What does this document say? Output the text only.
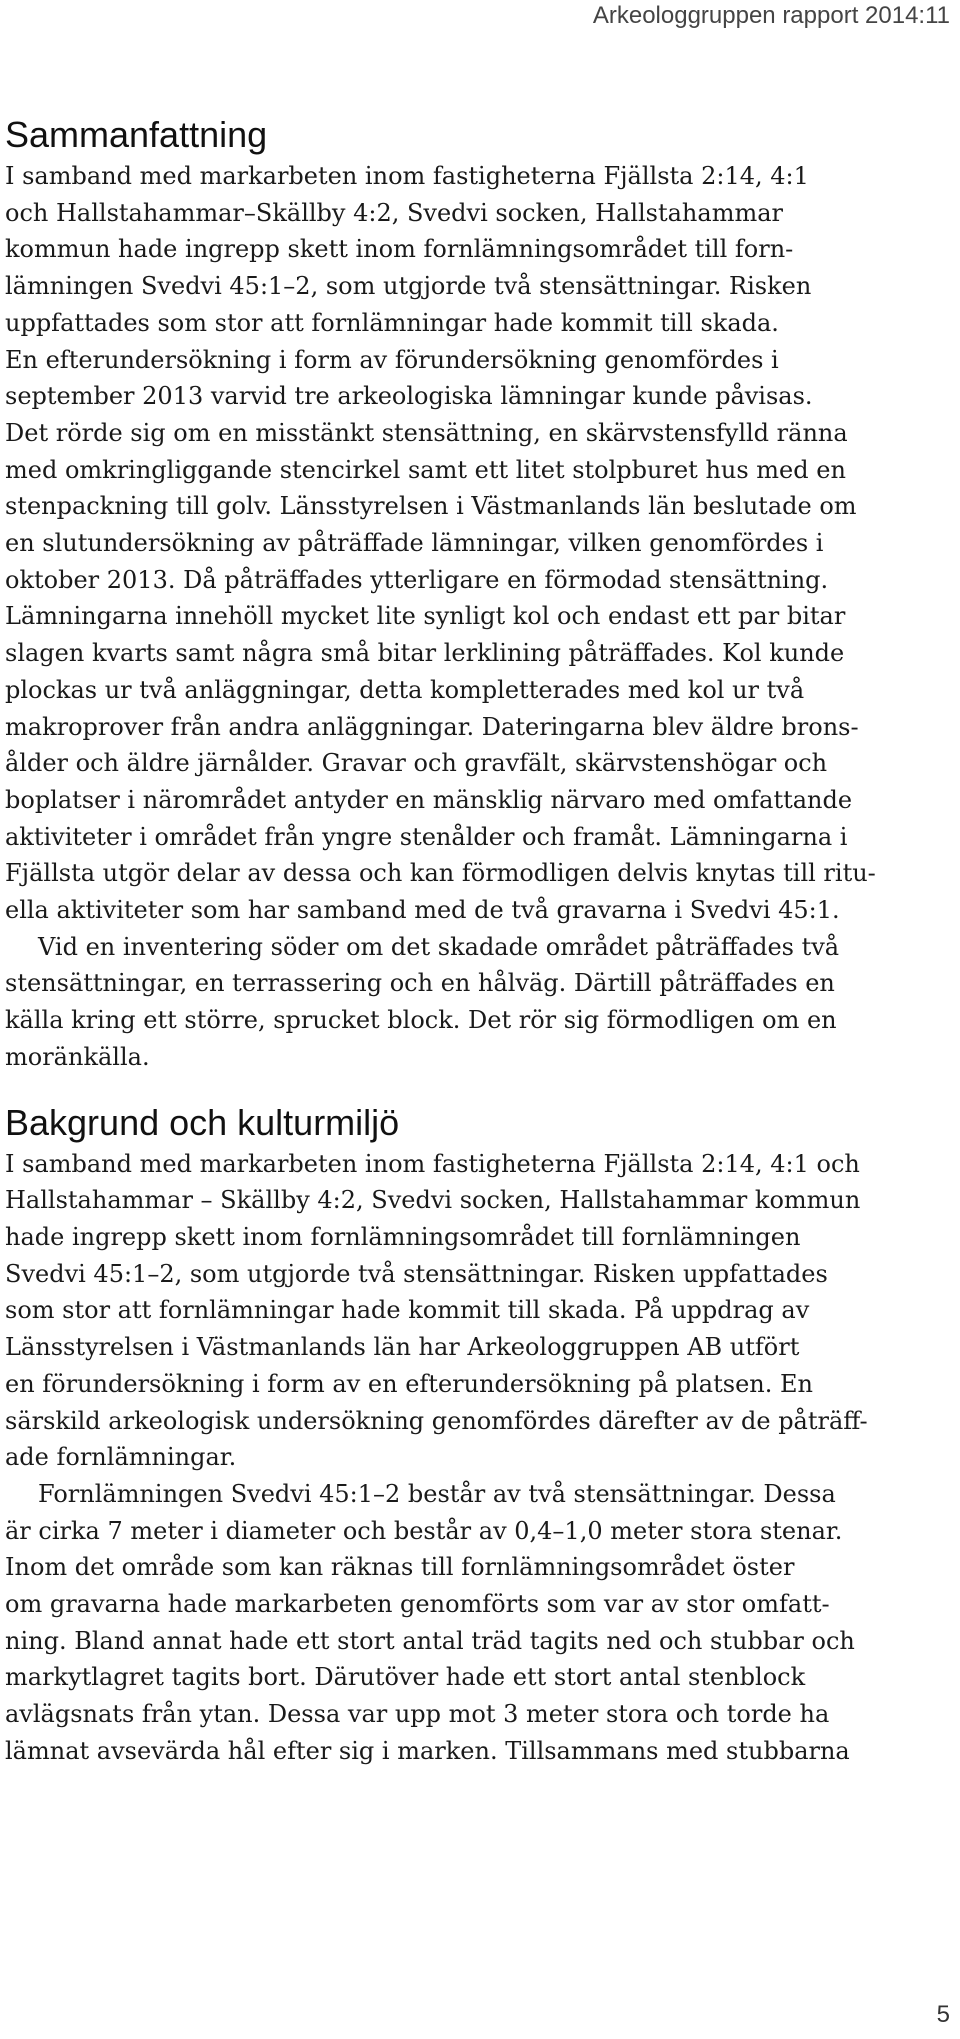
Arkeologgruppen rapport 2014:11
Sammanfattning
I samband med markarbeten inom fastigheterna Fjällsta 2:14, 4:1
och Hallstahammar–Skällby 4:2, Svedvi socken, Hallstahammar
kommun hade ingrepp skett inom fornlämningsområdet till forn-
lämningen Svedvi 45:1–2, som utgjorde två stensättningar. Risken
uppfattades som stor att fornlämningar hade kommit till skada.
En efterundersökning i form av förundersökning genomfördes i
september 2013 varvid tre arkeologiska lämningar kunde påvisas.
Det rörde sig om en misstänkt stensättning, en skärvstensfylld ränna
med omkringliggande stencirkel samt ett litet stolpburet hus med en
stenpackning till golv. Länsstyrelsen i Västmanlands län beslutade om
en slutundersökning av påträffade lämningar, vilken genomfördes i
oktober 2013. Då påträffades ytterligare en förmodad stensättning.
Lämningarna innehöll mycket lite synligt kol och endast ett par bitar
slagen kvarts samt några små bitar lerklining påträffades. Kol kunde
plockas ur två anläggningar, detta kompletterades med kol ur två
makroprover från andra anläggningar. Dateringarna blev äldre brons-
ålder och äldre järnålder. Gravar och gravfält, skärvstenshögar och
boplatser i närområdet antyder en mänsklig närvaro med omfattande
aktiviteter i området från yngre stenålder och framåt. Lämningarna i
Fjällsta utgör delar av dessa och kan förmodligen delvis knytas till ritu-
ella aktiviteter som har samband med de två gravarna i Svedvi 45:1.
Vid en inventering söder om det skadade området påträffades två
stensättningar, en terrassering och en hålväg. Därtill påträffades en
källa kring ett större, sprucket block. Det rör sig förmodligen om en
moränkälla.
Bakgrund och kulturmiljö
I samband med markarbeten inom fastigheterna Fjällsta 2:14, 4:1 och
Hallstahammar – Skällby 4:2, Svedvi socken, Hallstahammar kommun
hade ingrepp skett inom fornlämningsområdet till fornlämningen
Svedvi 45:1–2, som utgjorde två stensättningar. Risken uppfattades
som stor att fornlämningar hade kommit till skada. På uppdrag av
Länsstyrelsen i Västmanlands län har Arkeologgruppen AB utfört
en förundersökning i form av en efterundersökning på platsen. En
särskild arkeologisk undersökning genomfördes därefter av de påträff-
ade fornlämningar.
Fornlämningen Svedvi 45:1–2 består av två stensättningar. Dessa
är cirka 7 meter i diameter och består av 0,4–1,0 meter stora stenar.
Inom det område som kan räknas till fornlämningsområdet öster
om gravarna hade markarbeten genomförts som var av stor omfatt-
ning. Bland annat hade ett stort antal träd tagits ned och stubbar och
markytlagret tagits bort. Därutöver hade ett stort antal stenblock
avlägsnats från ytan. Dessa var upp mot 3 meter stora och torde ha
lämnat avsevärda hål efter sig i marken. Tillsammans med stubbarna
5
